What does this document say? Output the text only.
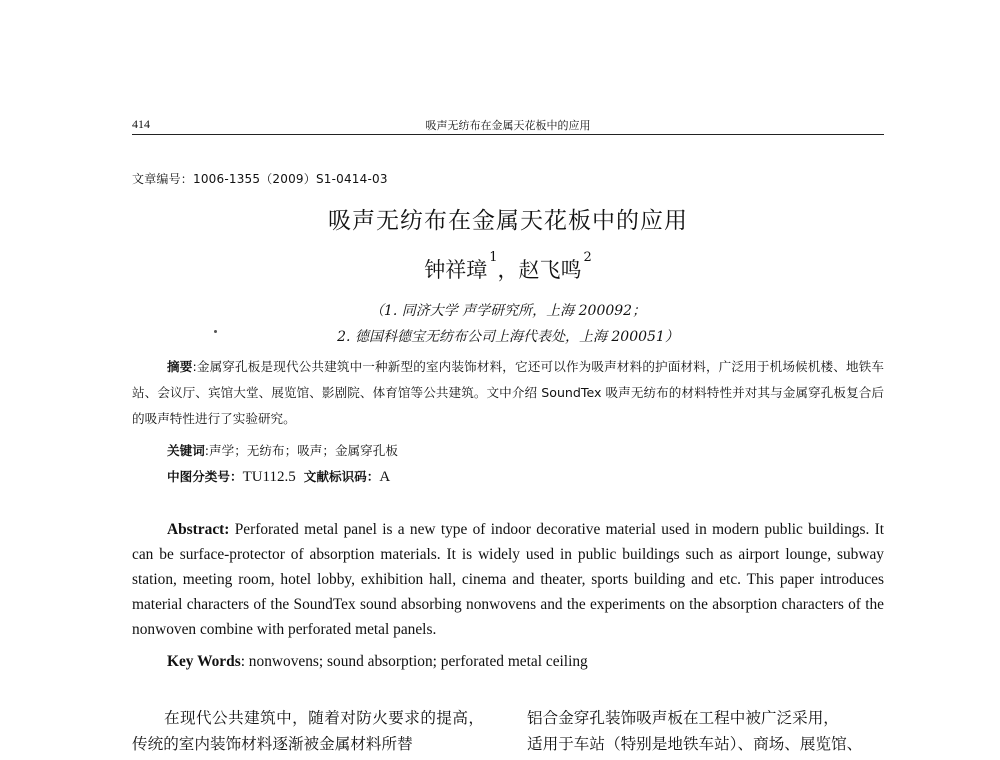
414	吸声无纺布在金属天花板中的应用
文章编号：1006-1355（2009）S1-0414-03
吸声无纺布在金属天花板中的应用
钟祥璋$^1$，赵飞鸣$^2$
（1. 同济大学 声学研究所，上海 200092；
2. 德国科德宝无纺布公司上海代表处，上海 200051）
摘要:金属穿孔板是现代公共建筑中一种新型的室内装饰材料，它还可以作为吸声材料的护面材料，广泛用于机场候机楼、地铁车站、会议厅、宾馆大堂、展览馆、影剧院、体育馆等公共建筑。文中介绍 SoundTex 吸声无纺布的材料特性并对其与金属穿孔板复合后的吸声特性进行了实验研究。
关键词:声学；无纺布；吸声；金属穿孔板
中图分类号：TU112.5 文献标识码：A
Abstract: Perforated metal panel is a new type of indoor decorative material used in modern public buildings. It can be surface-protector of absorption materials. It is widely used in public buildings such as airport lounge, subway station, meeting room, hotel lobby, exhibition hall, cinema and theater, sports building and etc. This paper introduces material characters of the SoundTex sound absorbing nonwovens and the experiments on the absorption characters of the nonwoven combine with perforated metal panels.
Key Words: nonwovens; sound absorption; perforated metal ceiling
在现代公共建筑中，随着对防火要求的提高，传统的室内装饰材料逐渐被金属材料所替
铝合金穿孔装饰吸声板在工程中被广泛采用，
适用于车站（特别是地铁车站）、商场、展览馆、
